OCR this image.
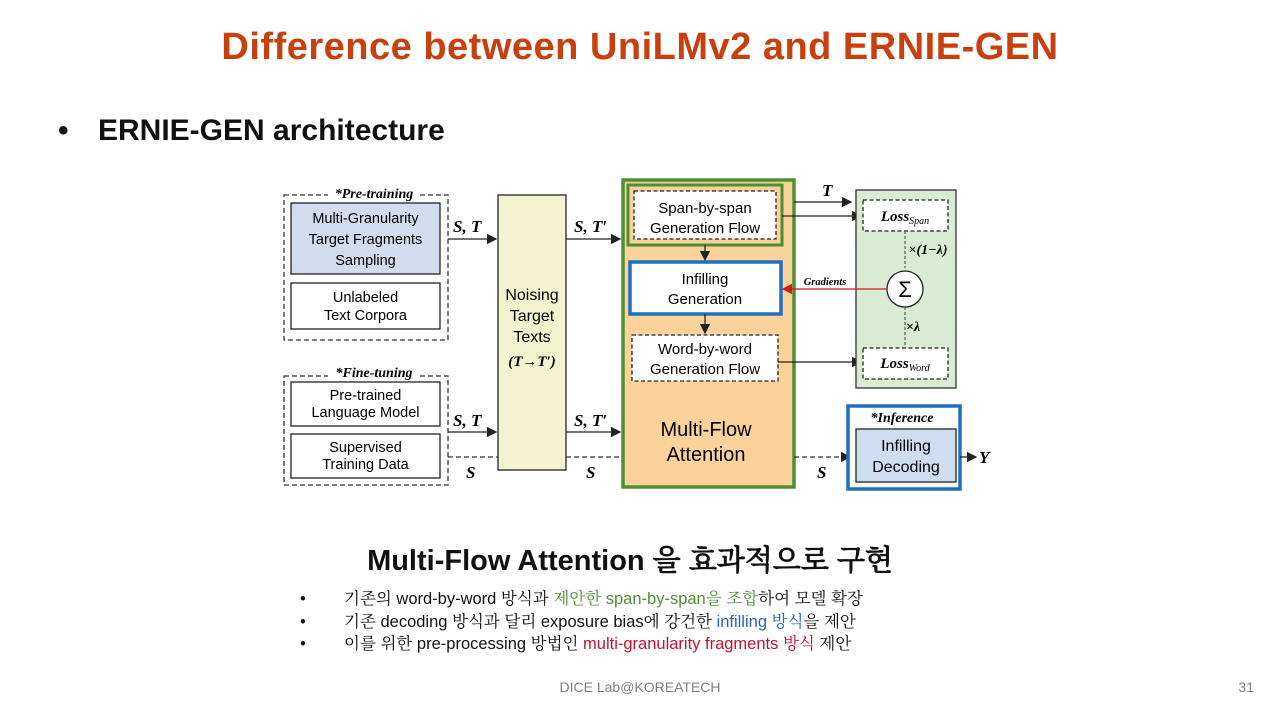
Difference between UniLMv2 and ERNIE-GEN
• ERNIE-GEN architecture
*Pre-training
Multi-Granularity
Target Fragments
Sampling
Unlabeled
Text Corpora
*Fine-tuning
Pre-trained
Language Model
Supervised
Training Data
S, T
S, T
Noising
Target
Texts
(T→T′)
S	S
S, T′
S, T′
Span-by-span
Generation Flow
Infilling
Generation
Word-by-word
Generation Flow
Multi-Flow
Attention
T
Loss$_{Span}$
×(1−λ)
Σ
×λ
Loss$_{Word}$
Gradients
S
*Inference
Infilling
Decoding
Y
Multi-Flow Attention 을 효과적으로 구현
•	기존의 word-by-word 방식과 제안한 span-by-span을 조합하여 모델 확장
•	기존 decoding 방식과 달리 exposure bias에 강건한 infilling 방식을 제안
•	이를 위한 pre-processing 방법인 multi-granularity fragments 방식 제안
DICE Lab@KOREATECH	31
